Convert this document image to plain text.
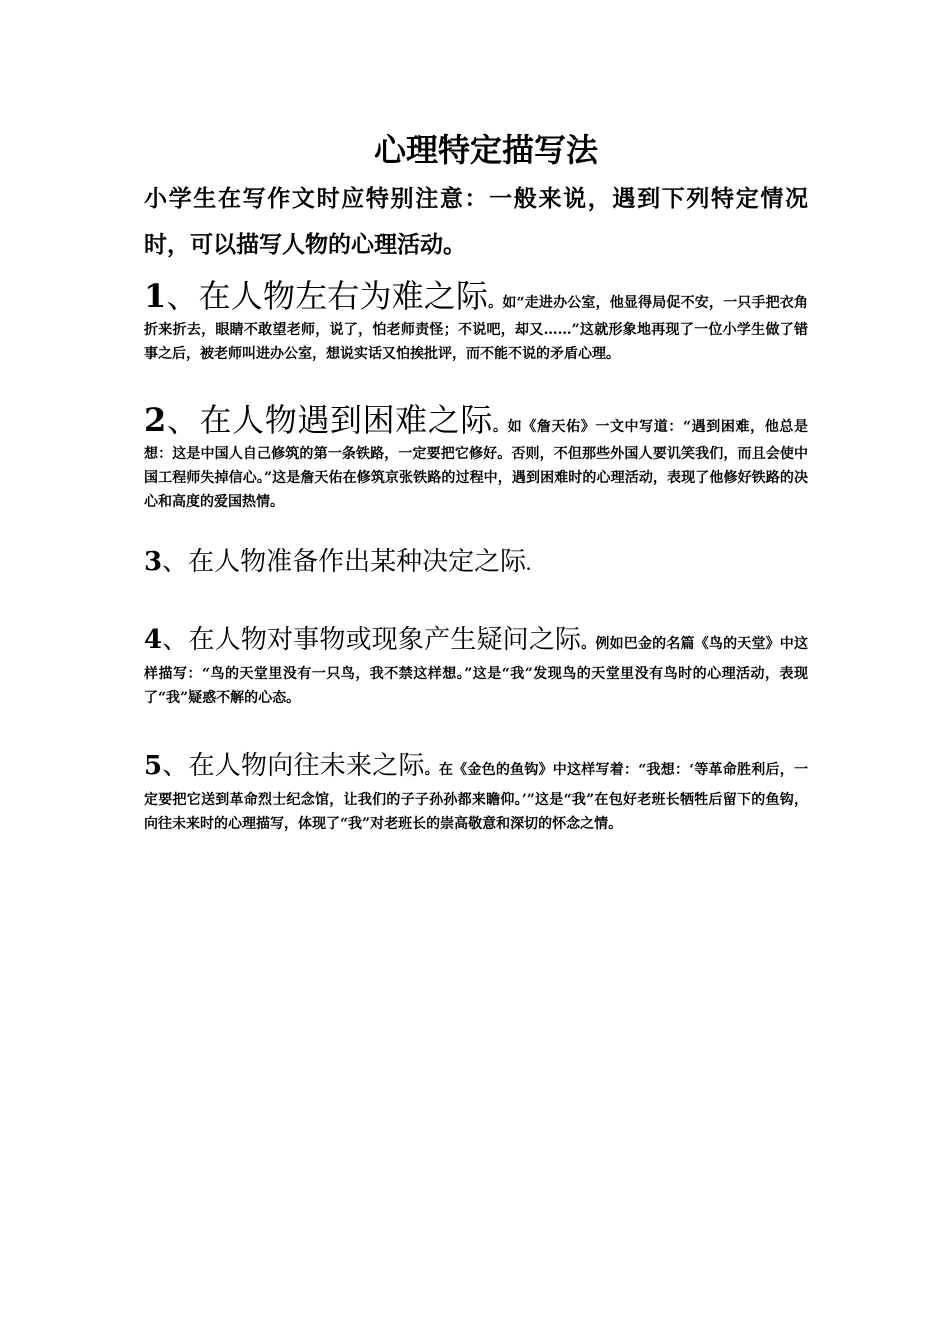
心理特定描写法

小学生在写作文时应特别注意：一般来说，遇到下列特定情况时，可以描写人物的心理活动。

1、在人物左右为难之际。如“走进办公室，他显得局促不安，一只手把衣角折来折去，眼睛不敢望老师，说了，怕老师责怪；不说吧，却又……”这就形象地再现了一位小学生做了错事之后，被老师叫进办公室，想说实话又怕挨批评，而不能不说的矛盾心理。

2、在人物遇到困难之际。如《詹天佑》一文中写道：“遇到困难，他总是想：这是中国人自己修筑的第一条铁路，一定要把它修好。否则，不但那些外国人要讥笑我们，而且会使中国工程师失掉信心。”这是詹天佑在修筑京张铁路的过程中，遇到困难时的心理活动，表现了他修好铁路的决心和高度的爱国热情。

3、在人物准备作出某种决定之际.

4、在人物对事物或现象产生疑问之际。例如巴金的名篇《鸟的天堂》中这样描写：“鸟的天堂里没有一只鸟，我不禁这样想。”这是“我”发现鸟的天堂里没有鸟时的心理活动，表现了“我”疑惑不解的心态。

5、在人物向往未来之际。在《金色的鱼钩》中这样写着：“我想：‘等革命胜利后，一定要把它送到革命烈士纪念馆，让我们的子子孙孙都来瞻仰。’”这是“我”在包好老班长牺牲后留下的鱼钩，向往未来时的心理描写，体现了“我”对老班长的崇高敬意和深切的怀念之情。
